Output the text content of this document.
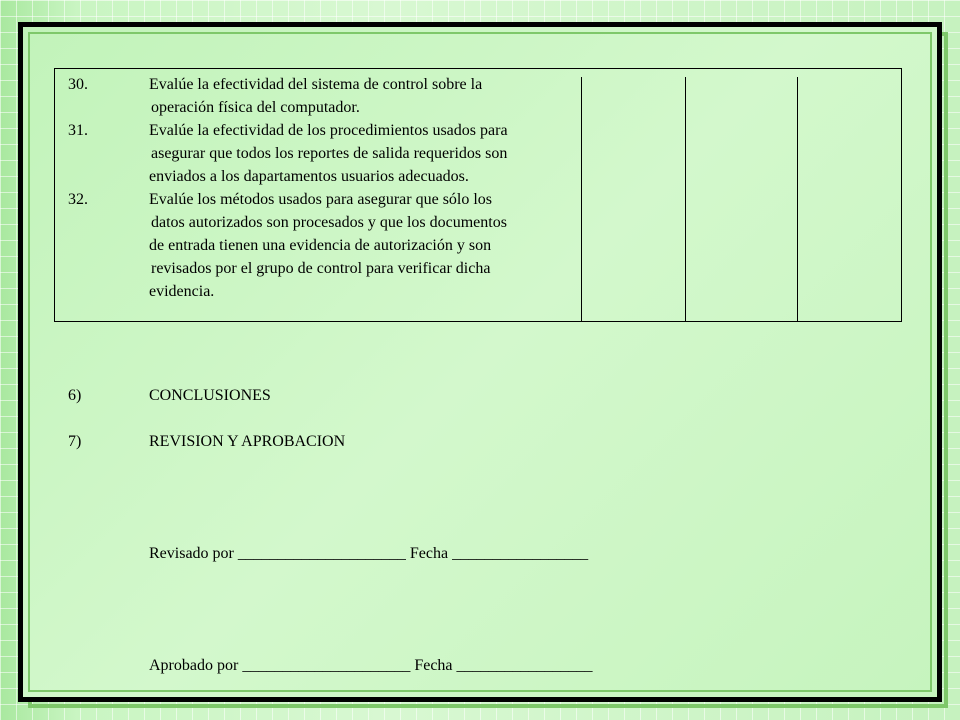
30.	Evalúe la efectividad del sistema de control sobre la
operación física del computador.
31.	Evalúe la efectividad de los procedimientos usados para
asegurar que todos los reportes de salida requeridos son
enviados a los dapartamentos usuarios adecuados.
32.	Evalúe los métodos usados para asegurar que sólo los
datos autorizados son procesados y que los documentos
de entrada tienen una evidencia de autorización y son
revisados por el grupo de control para verificar dicha
evidencia.
6)	CONCLUSIONES
7)	REVISION Y APROBACION
Revisado por _____________________ Fecha _________________
Aprobado por _____________________ Fecha _________________
